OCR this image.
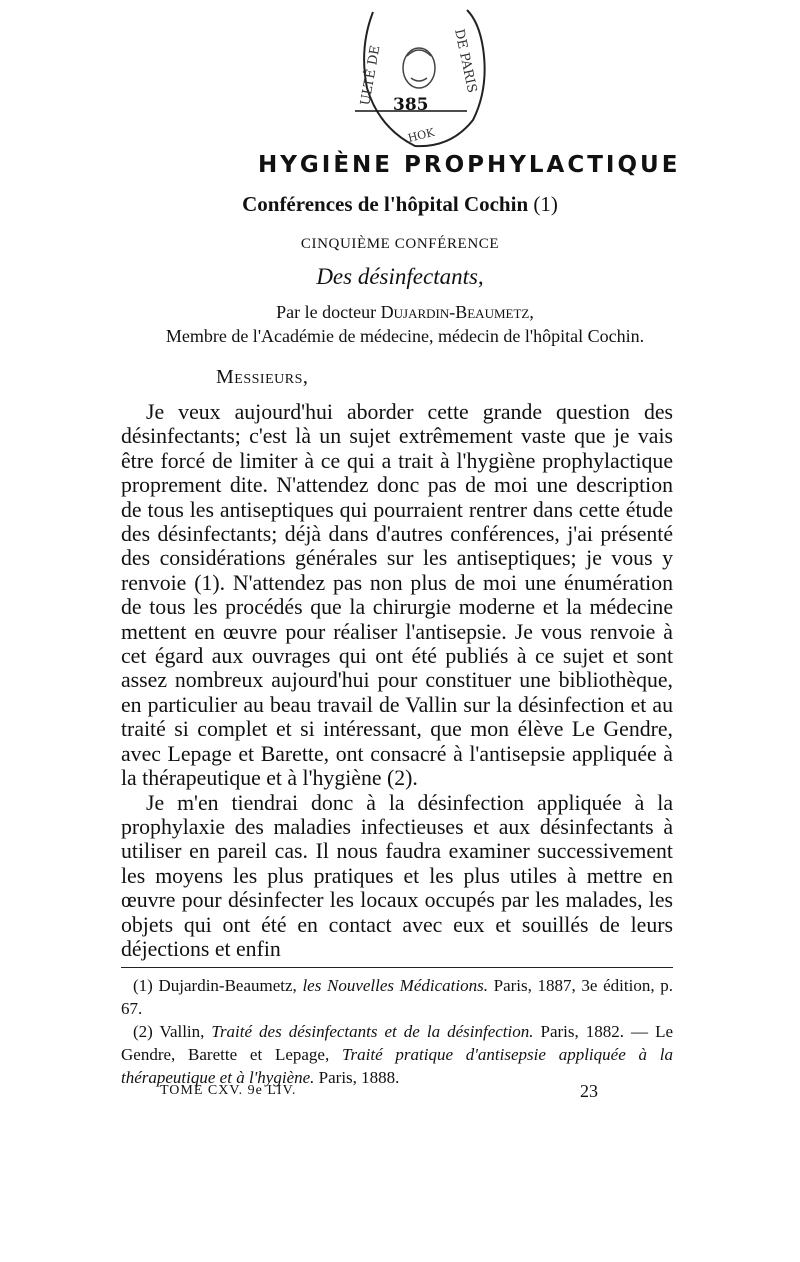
ULTÉ DE	DE PARIS
385
HOK
HYGIÈNE PROPHYLACTIQUE
Conférences de l'hôpital Cochin (1)
CINQUIÈME CONFÉRENCE
Des désinfectants,
Par le docteur Dujardin-Beaumetz,
Membre de l'Académie de médecine, médecin de l'hôpital Cochin.
Messieurs,

Je veux aujourd'hui aborder cette grande question des désinfectants; c'est là un sujet extrêmement vaste que je vais être forcé de limiter à ce qui a trait à l'hygiène prophylactique proprement dite. N'attendez donc pas de moi une description de tous les antiseptiques qui pourraient rentrer dans cette étude des désinfectants; déjà dans d'autres conférences, j'ai présenté des considérations générales sur les antiseptiques; je vous y renvoie (1). N'attendez pas non plus de moi une énumération de tous les procédés que la chirurgie moderne et la médecine mettent en œuvre pour réaliser l'antisepsie. Je vous renvoie à cet égard aux ouvrages qui ont été publiés à ce sujet et sont assez nombreux aujourd'hui pour constituer une bibliothèque, en particulier au beau travail de Vallin sur la désinfection et au traité si complet et si intéressant, que mon élève Le Gendre, avec Lepage et Barette, ont consacré à l'antisepsie appliquée à la thérapeutique et à l'hygiène (2).

Je m'en tiendrai donc à la désinfection appliquée à la prophylaxie des maladies infectieuses et aux désinfectants à utiliser en pareil cas. Il nous faudra examiner successivement les moyens les plus pratiques et les plus utiles à mettre en œuvre pour désinfecter les locaux occupés par les malades, les objets qui ont été en contact avec eux et souillés de leurs déjections et enfin

(1) Dujardin-Beaumetz, les Nouvelles Médications. Paris, 1887, 3e édition, p. 67.

(2) Vallin, Traité des désinfectants et de la désinfection. Paris, 1882. — Le Gendre, Barette et Lepage, Traité pratique d'antisepsie appliquée à la thérapeutique et à l'hygiène. Paris, 1888.

TOME CXV. 9e LIV.	23
